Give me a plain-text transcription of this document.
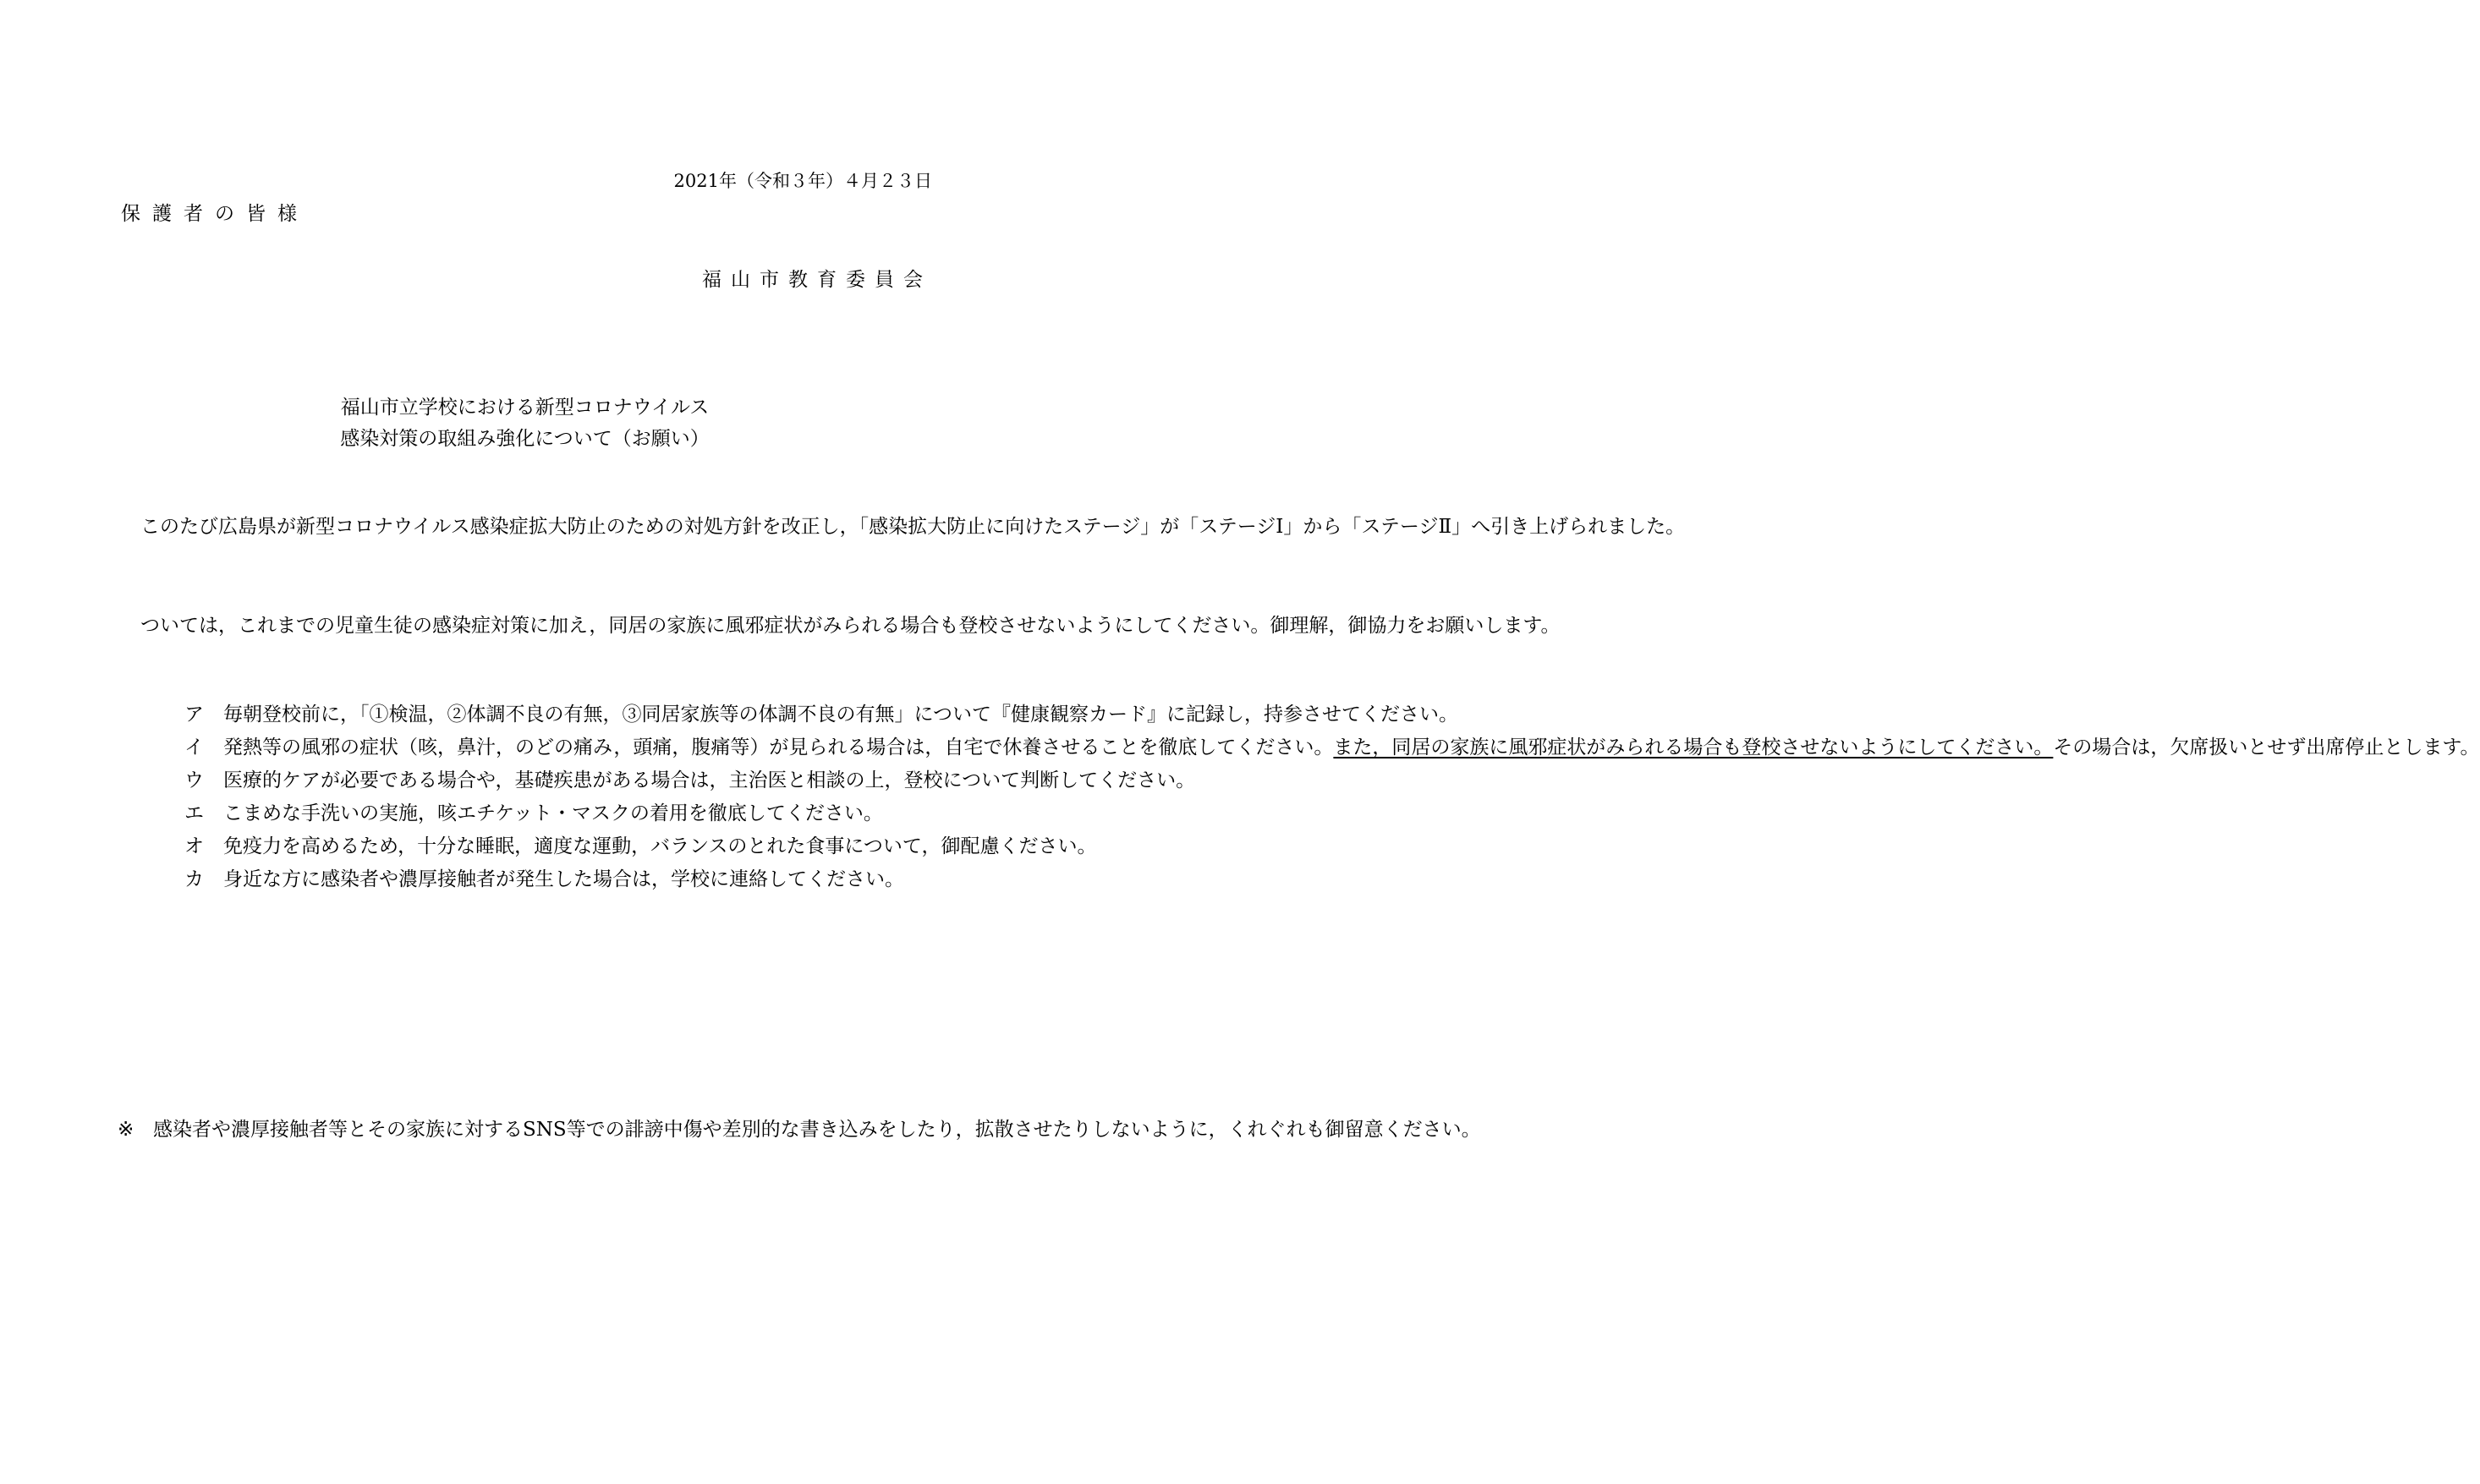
2021年（令和３年）４月２３日
保護者の皆様
福山市教育委員会
福山市立学校における新型コロナウイルス
感染対策の取組み強化について（お願い）

このたび広島県が新型コロナウイルス感染症拡大防止のための対処方針を改正し，「感染拡大防止に向けたステージ」が「ステージⅠ」から「ステージⅡ」へ引き上げられました。

ついては，これまでの児童生徒の感染症対策に加え，同居の家族に風邪症状がみられる場合も登校させないようにしてください。御理解，御協力をお願いします。

ア　 毎朝登校前に，「①検温，②体調不良の有無，③同居家族等の体調不良の有無」について『健康観察カード』に記録し，持参させてください。
イ　 発熱等の風邪の症状（咳，鼻汁，のどの痛み，頭痛，腹痛等）が見られる場合は，自宅で休養させることを徹底してください。また，同居の家族に風邪症状がみられる場合も登校させないようにしてください。その場合は，欠席扱いとせず出席停止とします。
ウ　 医療的ケアが必要である場合や，基礎疾患がある場合は，主治医と相談の上，登校について判断してください。
エ　 こまめな手洗いの実施，咳エチケット・マスクの着用を徹底してください。
オ　 免疫力を高めるため，十分な睡眠，適度な運動，バランスのとれた食事について，御配慮ください。
カ　 身近な方に感染者や濃厚接触者が発生した場合は，学校に連絡してください。
※ 感染者や濃厚接触者等とその家族に対するSNS等での誹謗中傷や差別的な書き込みをしたり，拡散させたりしないように，くれぐれも御留意ください。
